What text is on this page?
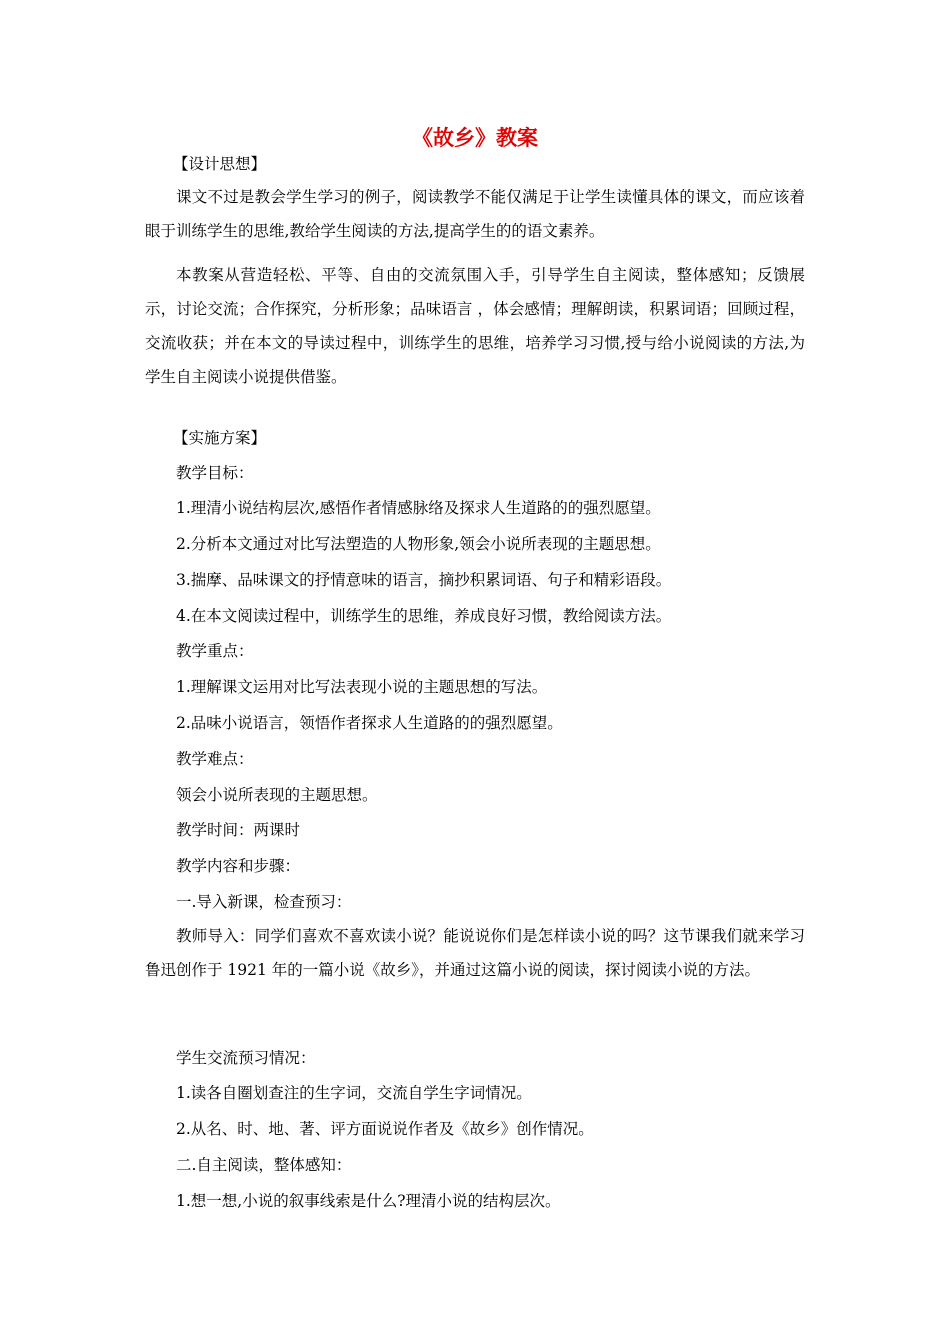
《故乡》教案
【设计思想】
课文不过是教会学生学习的例子，阅读教学不能仅满足于让学生读懂具体的课文，而应该着眼于训练学生的思维,教给学生阅读的方法,提高学生的的语文素养。
本教案从营造轻松、平等、自由的交流氛围入手，引导学生自主阅读，整体感知；反馈展示，讨论交流；合作探究，分析形象；品味语言 ，体会感情；理解朗读，积累词语；回顾过程，交流收获；并在本文的导读过程中，训练学生的思维，培养学习习惯,授与给小说阅读的方法,为学生自主阅读小说提供借鉴。
【实施方案】
教学目标：
1.理清小说结构层次,感悟作者情感脉络及探求人生道路的的强烈愿望。
2.分析本文通过对比写法塑造的人物形象,领会小说所表现的主题思想。
3.揣摩、品味课文的抒情意味的语言，摘抄积累词语、句子和精彩语段。
4.在本文阅读过程中，训练学生的思维，养成良好习惯，教给阅读方法。
教学重点：
1.理解课文运用对比写法表现小说的主题思想的写法。
2.品味小说语言，领悟作者探求人生道路的的强烈愿望。
教学难点：
领会小说所表现的主题思想。
教学时间：两课时
教学内容和步骤：
一.导入新课，检查预习：
教师导入：同学们喜欢不喜欢读小说？能说说你们是怎样读小说的吗？这节课我们就来学习鲁迅创作于 1921 年的一篇小说《故乡》，并通过这篇小说的阅读，探讨阅读小说的方法。
学生交流预习情况：
1.读各自圈划查注的生字词，交流自学生字词情况。
2.从名、时、地、著、评方面说说作者及《故乡》创作情况。
二.自主阅读，整体感知：
1.想一想,小说的叙事线索是什么?理清小说的结构层次。
